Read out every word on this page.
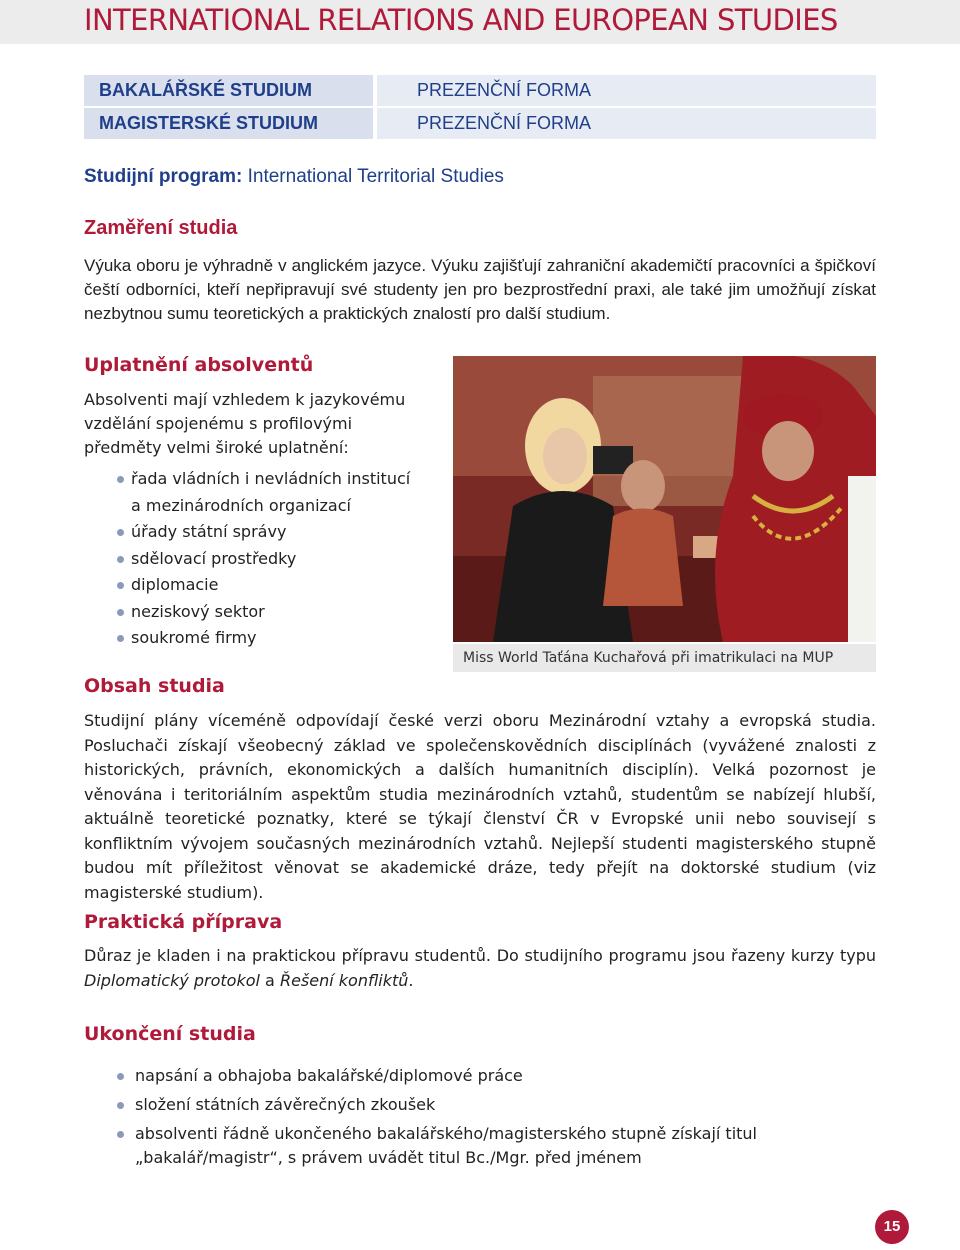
INTERNATIONAL RELATIONS AND EUROPEAN STUDIES
BAKALÁŘSKÉ STUDIUM	PREZENČNÍ FORMA
MAGISTERSKÉ STUDIUM	PREZENČNÍ FORMA
Studijní program: International Territorial Studies
Zaměření studia

Výuka oboru je výhradně v anglickém jazyce. Výuku zajišťují zahraniční akademičtí pracovníci a špičkoví čeští odborníci, kteří nepřipravují své studenty jen pro bezprostřední praxi, ale také jim umožňují získat nezbytnou sumu teoretických a praktických znalostí pro další studium.

Uplatnění absolventů

Absolventi mají vzhledem k jazykovému vzdělání spojenému s profilovými předměty velmi široké uplatnění:

řada vládních i nevládních institucí a mezinárodních organizací
úřady státní správy
sdělovací prostředky
diplomacie
neziskový sektor
soukromé firmy
Miss World Taťána Kuchařová při imatrikulaci na MUP
Obsah studia

Studijní plány víceméně odpovídají české verzi oboru Mezinárodní vztahy a evropská studia. Posluchači získají všeobecný základ ve společenskovědních disciplínách (vyvážené znalosti z historických, právních, ekonomických a dalších humanitních disciplín). Velká pozornost je věnována i teritoriálním aspektům studia mezinárodních vztahů, studentům se nabízejí hlubší, aktuálně teoretické poznatky, které se týkají členství ČR v Evropské unii nebo souvisejí s konfliktním vývojem současných mezinárodních vztahů. Nejlepší studenti magisterského stupně budou mít příležitost věnovat se akademické dráze, tedy přejít na doktorské studium (viz magisterské studium).

Praktická příprava

Důraz je kladen i na praktickou přípravu studentů. Do studijního programu jsou řazeny kurzy typu Diplomatický protokol a Řešení konfliktů.

Ukončení studia
napsání a obhajoba bakalářské/diplomové práce
složení státních závěrečných zkoušek
absolventi řádně ukončeného bakalářského/magisterského stupně získají titul „bakalář/magistr“, s právem uvádět titul Bc./Mgr. před jménem
15
